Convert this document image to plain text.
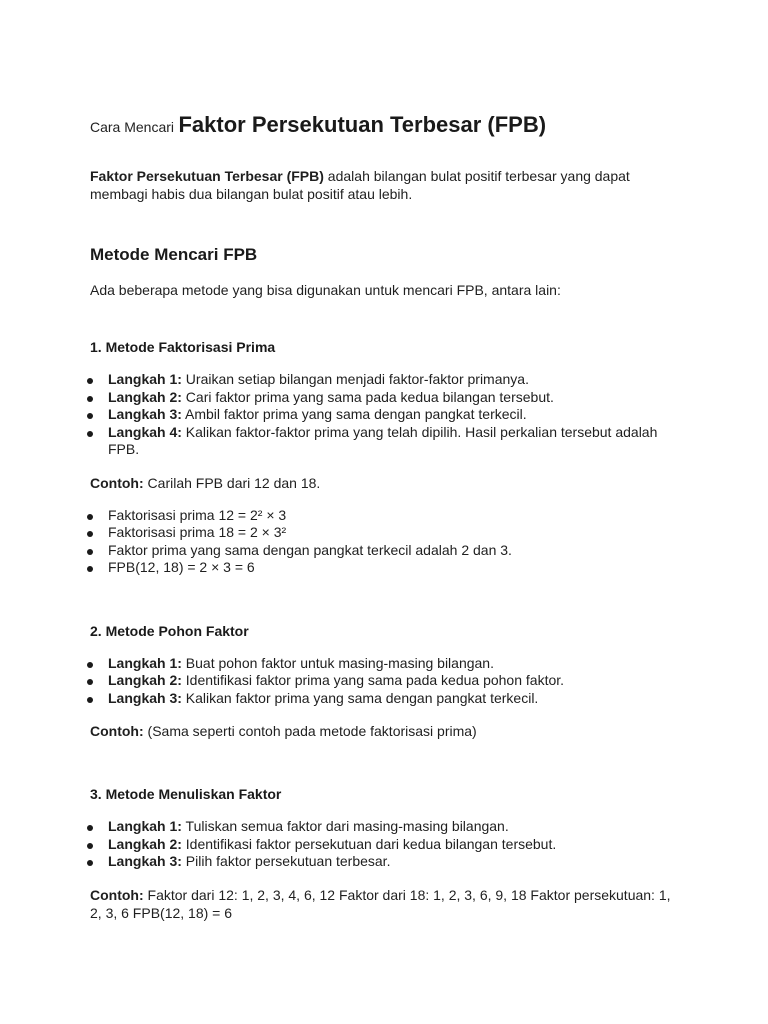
Cara Mencari Faktor Persekutuan Terbesar (FPB)

Faktor Persekutuan Terbesar (FPB) adalah bilangan bulat positif terbesar yang dapat membagi habis dua bilangan bulat positif atau lebih.

Metode Mencari FPB

Ada beberapa metode yang bisa digunakan untuk mencari FPB, antara lain:

1. Metode Faktorisasi Prima
Langkah 1: Uraikan setiap bilangan menjadi faktor-faktor primanya.
Langkah 2: Cari faktor prima yang sama pada kedua bilangan tersebut.
Langkah 3: Ambil faktor prima yang sama dengan pangkat terkecil.
Langkah 4: Kalikan faktor-faktor prima yang telah dipilih. Hasil perkalian tersebut adalah FPB.

Contoh: Carilah FPB dari 12 dan 18.

Faktorisasi prima 12 = 2² × 3
Faktorisasi prima 18 = 2 × 3²
Faktor prima yang sama dengan pangkat terkecil adalah 2 dan 3.
FPB(12, 18) = 2 × 3 = 6
2. Metode Pohon Faktor
Langkah 1: Buat pohon faktor untuk masing-masing bilangan.
Langkah 2: Identifikasi faktor prima yang sama pada kedua pohon faktor.
Langkah 3: Kalikan faktor prima yang sama dengan pangkat terkecil.

Contoh: (Sama seperti contoh pada metode faktorisasi prima)

3. Metode Menuliskan Faktor
Langkah 1: Tuliskan semua faktor dari masing-masing bilangan.
Langkah 2: Identifikasi faktor persekutuan dari kedua bilangan tersebut.
Langkah 3: Pilih faktor persekutuan terbesar.

Contoh: Faktor dari 12: 1, 2, 3, 4, 6, 12 Faktor dari 18: 1, 2, 3, 6, 9, 18 Faktor persekutuan: 1, 2, 3, 6 FPB(12, 18) = 6
